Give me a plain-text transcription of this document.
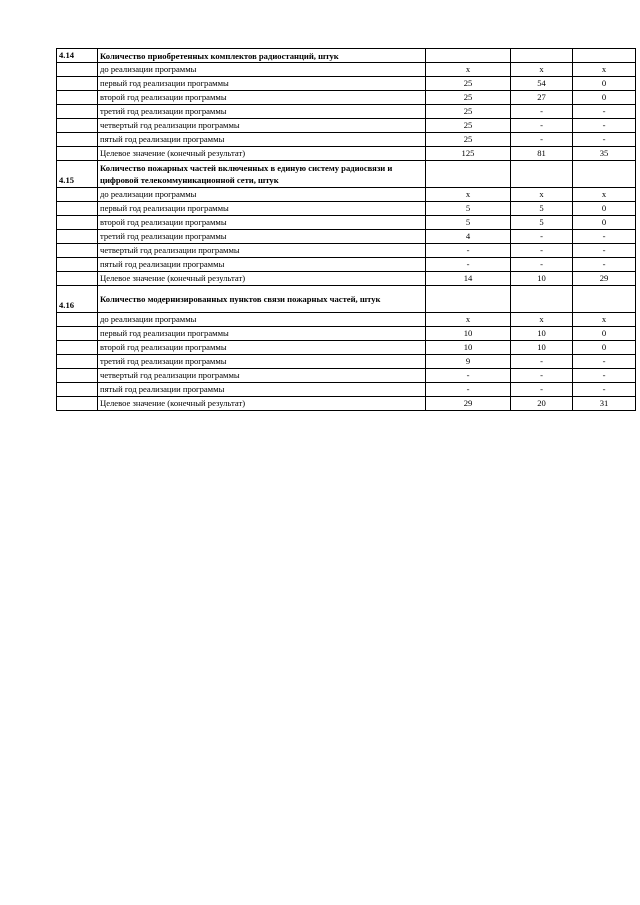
4.14	Количество приобретенных комплектов радиостанций, штук			
	до реализации программы	x	x	x
	первый год реализации программы	25	54	0
	второй год реализации программы	25	27	0
	третий год реализации программы	25	-	-
	четвертый год реализации программы	25	-	-
	пятый год реализации программы	25	-	-
	Целевое значение (конечный результат)	125	81	35
4.15	Количество пожарных частей включенных в единую систему радиосвязи и цифровой телекоммуникационной сети, штук			
	до реализации программы	x	x	x
	первый год реализации программы	5	5	0
	второй год реализации программы	5	5	0
	третий год реализации программы	4	-	-
	четвертый год реализации программы	-	-	-
	пятый год реализации программы	-	-	-
	Целевое значение (конечный результат)	14	10	29
4.16	Количество модернизированных пунктов связи пожарных частей, штук			
	до реализации программы	x	x	x
	первый год реализации программы	10	10	0
	второй год реализации программы	10	10	0
	третий год реализации программы	9	-	-
	четвертый год реализации программы	-	-	-
	пятый год реализации программы	-	-	-
	Целевое значение (конечный результат)	29	20	31
